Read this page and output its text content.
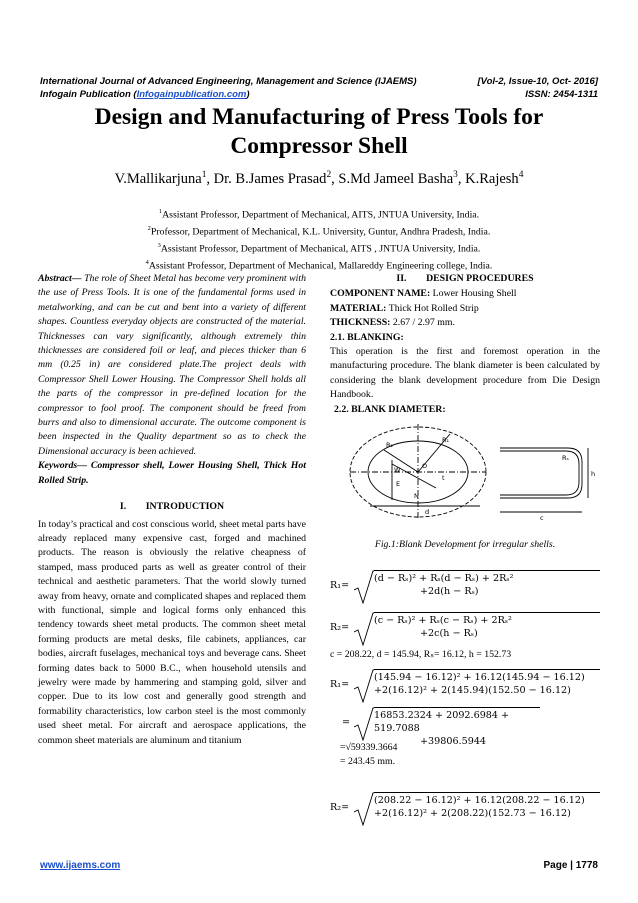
International Journal of Advanced Engineering, Management and Science (IJAEMS)	[Vol-2, Issue-10, Oct- 2016]
Infogain Publication (Infogainpublication.com)	ISSN: 2454-1311
Design and Manufacturing of Press Tools for
Compressor Shell
V.Mallikarjuna$^1$, Dr. B.James Prasad$^2$, S.Md Jameel Basha$^3$, K.Rajesh$^4$
$^1$Assistant Professor, Department of Mechanical, AITS, JNTUA University, India.
$^2$Professor, Department of Mechanical, K.L. University, Guntur, Andhra Pradesh, India.
$^3$Assistant Professor, Department of Mechanical, AITS , JNTUA University, India.
$^4$Assistant Professor, Department of Mechanical, Mallareddy Engineering college, India.
Abstract— The role of Sheet Metal has become very prominent with the use of Press Tools. It is one of the fundamental forms used in metalworking, and can be cut and bent into a variety of different shapes. Countless everyday objects are constructed of the material. Thicknesses can vary significantly, although extremely thin thicknesses are considered foil or leaf, and pieces thicker than 6 mm (0.25 in) are considered plate.The project deals with Compressor Shell Lower Housing. The Compressor Shell holds all the parts of the compressor in pre-defined location for the compressor to fool proof. The component should be freed from burrs and also to dimensional accurate. The outcome component is been inspected in the Quality department so as to check the Dimensional accuracy is been achieved.
Keywords— Compressor shell, Lower Housing Shell, Thick Hot Rolled Strip.
I.  INTRODUCTION
In today’s practical and cost conscious world, sheet metal parts have already replaced many expensive cast, forged and machined products. The reason is obviously the relative cheapness of stamped, mass produced parts as well as greater control of their technical and aesthetic parameters. That the world slowly turned away from heavy, ornate and complicated shapes and replaced them with functional, simple and logical forms only enhanced this tendency towards sheet metal products. The common sheet metal forming products are metal desks, file cabinets, appliances, car bodies, aircraft fuselages, mechanical toys and beverage cans. Sheet forming dates back to 5000 B.C., when household utensils and jewelry were made by hammering and stamping gold, silver and copper. Due to its low cost and generally good strength and formability characteristics, low carbon steel is the most commonly used sheet metal. For aircraft and aerospace applications, the common sheet materials are aluminum and titanium
II.  DESIGN PROCEDURES
COMPONENT NAME: Lower Housing Shell
MATERIAL: Thick Hot Rolled Strip
THICKNESS: 2.67 / 2.97 mm.
2.1. BLANKING:
This operation is the first and foremost operation in the manufacturing procedure. The blank diameter is been calculated by considering the blank development procedure from Die Design Handbook.
2.2. BLANK DIAMETER:
R₁
R₂
Rₛ
h
c
d
t
W	O
E
N
Fig.1:Blank Development for irregular shells.
R₁=
(d − Rₛ)² + Rₛ(d − Rₛ) + 2Rₛ²
+2d(h − Rₛ)
R₂=
(c − Rₛ)² + Rₛ(c − Rₛ) + 2Rₛ²
+2c(h − Rₛ)
c = 208.22, d = 145.94, Rₛ= 16.12, h = 152.73
R₁=
(145.94 − 16.12)² + 16.12(145.94 − 16.12)
+2(16.12)² + 2(145.94)(152.50 − 16.12)
=
16853.2324 + 2092.6984 + 519.7088
+39806.5944
=√59339.3664
= 243.45 mm.
R₂=
(208.22 − 16.12)² + 16.12(208.22 − 16.12)
+2(16.12)² + 2(208.22)(152.73 − 16.12)
www.ijaems.com	Page | 1778
